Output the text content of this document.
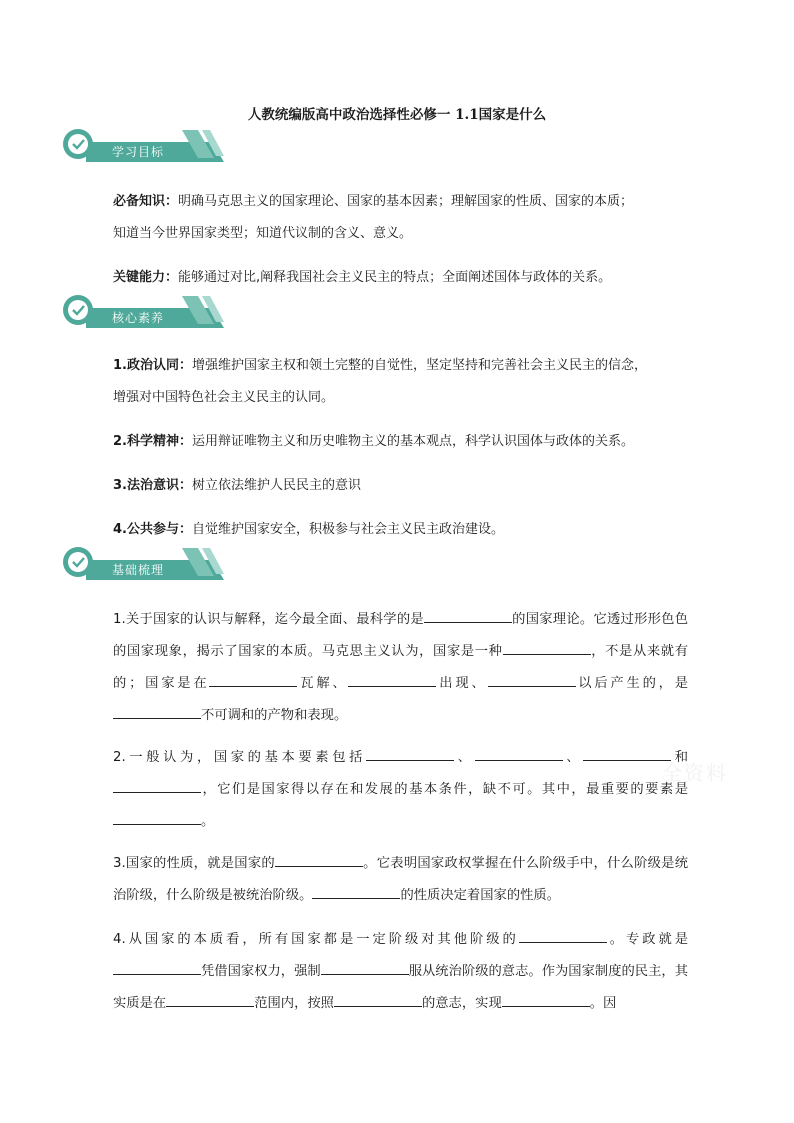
人教统编版高中政治选择性必修一 1.1国家是什么
学习目标
必备知识：明确马克思主义的国家理论、国家的基本因素；理解国家的性质、国家的本质；
知道当今世界国家类型；知道代议制的含义、意义。
关键能力：能够通过对比,阐释我国社会主义民主的特点；全面阐述国体与政体的关系。
核心素养
1.政治认同：增强维护国家主权和领土完整的自觉性，坚定坚持和完善社会主义民主的信念，
增强对中国特色社会主义民主的认同。
2.科学精神：运用辩证唯物主义和历史唯物主义的基本观点，科学认识国体与政体的关系。
3.法治意识：树立依法维护人民民主的意识
4.公共参与：自觉维护国家安全，积极参与社会主义民主政治建设。
基础梳理
1.关于国家的认识与解释，迄今最全面、最科学的是	的国家理论。它透过形形色色的国家现象，揭示了国家的本质。马克思主义认为，国家是一种	，不是从来就有的；国家是在	瓦解、	出现、	以后产生的，是不可调和的产物和表现。
2.一般认为，国家的基本要素包括	、	、	和 ，它们是国家得以存在和发展的基本条件，缺不可。其中，最重要的要素是。
3.国家的性质，就是国家的	。它表明国家政权掌握在什么阶级手中，什么阶级是统治阶级，什么阶级是被统治阶级。	的性质决定着国家的性质。
4.从国家的本质看，所有国家都是一定阶级对其他阶级的	。专政就是 凭借国家权力，强制	服从统治阶级的意志。作为国家制度的民主，其实质是在	范围内，按照	的意志，实现	。因
全资料
